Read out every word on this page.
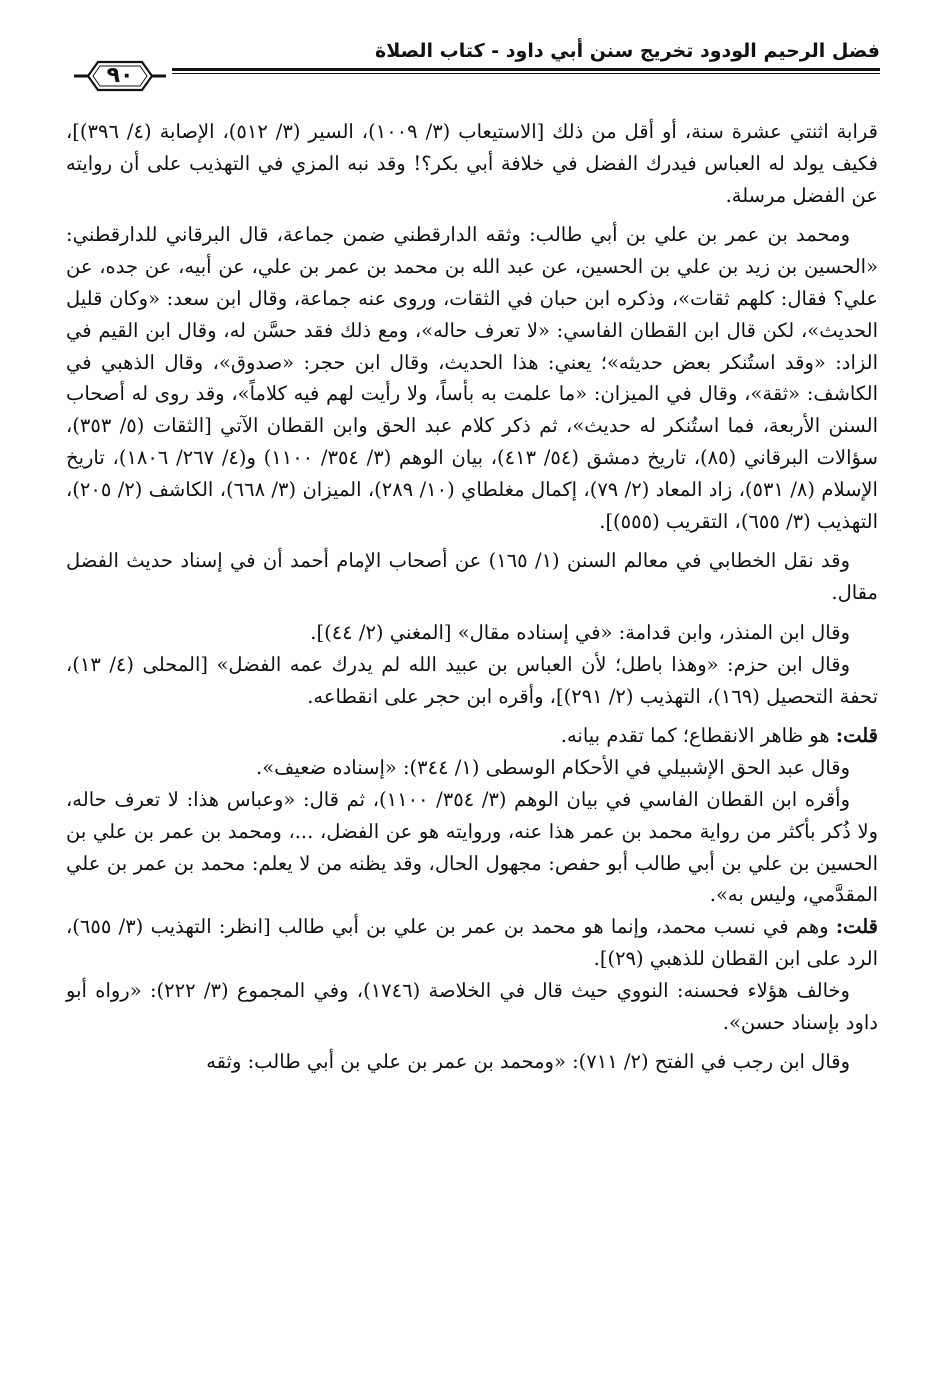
فضل الرحيم الودود تخريج سنن أبي داود - كتاب الصلاة
٩٠

قرابة اثنتي عشرة سنة، أو أقل من ذلك [الاستيعاب (٣/ ١٠٠٩)، السير (٣/ ٥١٢)، الإصابة (٤/ ٣٩٦)]، فكيف يولد له العباس فيدرك الفضل في خلافة أبي بكر؟! وقد نبه المزي في التهذيب على أن روايته عن الفضل مرسلة.

ومحمد بن عمر بن علي بن أبي طالب: وثقه الدارقطني ضمن جماعة، قال البرقاني للدارقطني: «الحسين بن زيد بن علي بن الحسين، عن عبد الله بن محمد بن عمر بن علي، عن أبيه، عن جده، عن علي؟ فقال: كلهم ثقات»، وذكره ابن حبان في الثقات، وروى عنه جماعة، وقال ابن سعد: «وكان قليل الحديث»، لكن قال ابن القطان الفاسي: «لا تعرف حاله»، ومع ذلك فقد حسَّن له، وقال ابن القيم في الزاد: «وقد استُنكر بعض حديثه»؛ يعني: هذا الحديث، وقال ابن حجر: «صدوق»، وقال الذهبي في الكاشف: «ثقة»، وقال في الميزان: «ما علمت به بأساً، ولا رأيت لهم فيه كلاماً»، وقد روى له أصحاب السنن الأربعة، فما استُنكر له حديث»، ثم ذكر كلام عبد الحق وابن القطان الآتي [الثقات (٥/ ٣٥٣)، سؤالات البرقاني (٨٥)، تاريخ دمشق (٥٤/ ٤١٣)، بيان الوهم (٣/ ٣٥٤/ ١١٠٠) و(٤/ ٢٦٧/ ١٨٠٦)، تاريخ الإسلام (٨/ ٥٣١)، زاد المعاد (٢/ ٧٩)، إكمال مغلطاي (١٠/ ٢٨٩)، الميزان (٣/ ٦٦٨)، الكاشف (٢/ ٢٠٥)، التهذيب (٣/ ٦٥٥)، التقريب (٥٥٥)].

وقد نقل الخطابي في معالم السنن (١/ ١٦٥) عن أصحاب الإمام أحمد أن في إسناد حديث الفضل مقال.

وقال ابن المنذر، وابن قدامة: «في إسناده مقال» [المغني (٢/ ٤٤)].

وقال ابن حزم: «وهذا باطل؛ لأن العباس بن عبيد الله لم يدرك عمه الفضل» [المحلى (٤/ ١٣)، تحفة التحصيل (١٦٩)، التهذيب (٢/ ٢٩١)]، وأقره ابن حجر على انقطاعه.

قلت: هو ظاهر الانقطاع؛ كما تقدم بيانه.

وقال عبد الحق الإشبيلي في الأحكام الوسطى (١/ ٣٤٤): «إسناده ضعيف».

وأقره ابن القطان الفاسي في بيان الوهم (٣/ ٣٥٤/ ١١٠٠)، ثم قال: «وعباس هذا: لا تعرف حاله، ولا ذُكر بأكثر من رواية محمد بن عمر هذا عنه، وروايته هو عن الفضل، ...، ومحمد بن عمر بن علي بن الحسين بن علي بن أبي طالب أبو حفص: مجهول الحال، وقد يظنه من لا يعلم: محمد بن عمر بن علي المقدَّمي، وليس به».

قلت: وهم في نسب محمد، وإنما هو محمد بن عمر بن علي بن أبي طالب [انظر: التهذيب (٣/ ٦٥٥)، الرد على ابن القطان للذهبي (٢٩)].

وخالف هؤلاء فحسنه: النووي حيث قال في الخلاصة (١٧٤٦)، وفي المجموع (٣/ ٢٢٢): «رواه أبو داود بإسناد حسن».

وقال ابن رجب في الفتح (٢/ ٧١١): «ومحمد بن عمر بن علي بن أبي طالب: وثقه
